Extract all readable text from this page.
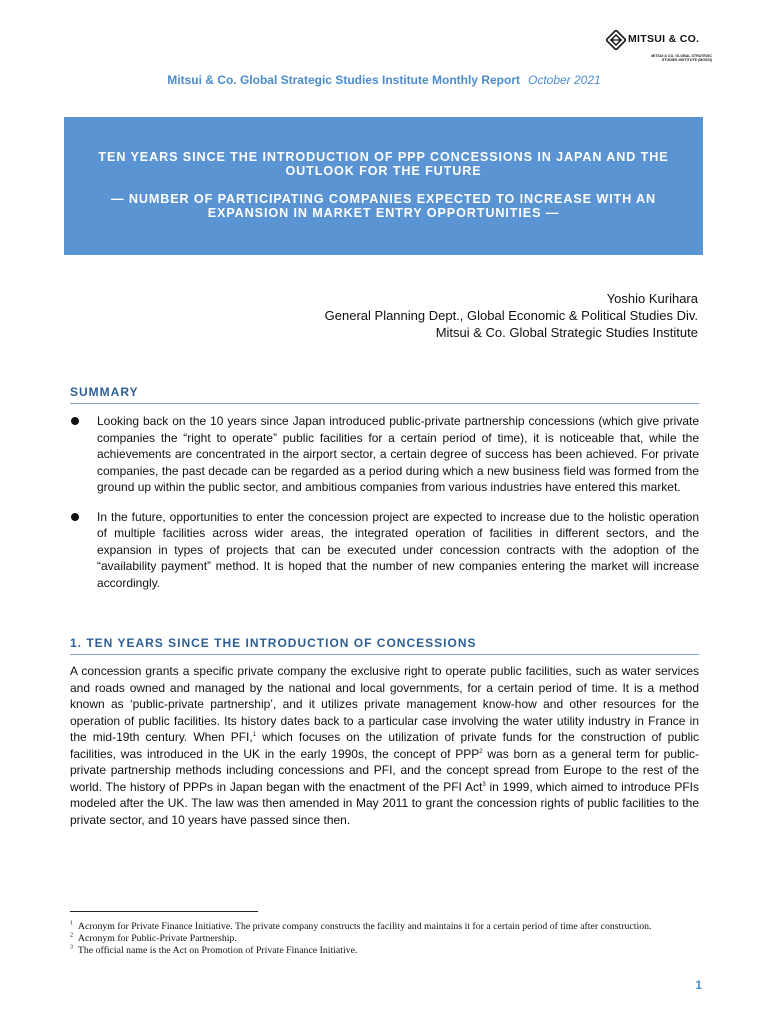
MITSUI & CO.
MITSUI & CO. GLOBAL STRATEGIC STUDIES INSTITUTE (MGSSI)
Mitsui & Co. Global Strategic Studies Institute Monthly Report October 2021
TEN YEARS SINCE THE INTRODUCTION OF PPP CONCESSIONS IN JAPAN AND THE OUTLOOK FOR THE FUTURE
— NUMBER OF PARTICIPATING COMPANIES EXPECTED TO INCREASE WITH AN EXPANSION IN MARKET ENTRY OPPORTUNITIES —
Yoshio Kurihara
General Planning Dept., Global Economic & Political Studies Div.
Mitsui & Co. Global Strategic Studies Institute
SUMMARY
Looking back on the 10 years since Japan introduced public-private partnership concessions (which give private companies the “right to operate” public facilities for a certain period of time), it is noticeable that, while the achievements are concentrated in the airport sector, a certain degree of success has been achieved. For private companies, the past decade can be regarded as a period during which a new business field was formed from the ground up within the public sector, and ambitious companies from various industries have entered this market.
In the future, opportunities to enter the concession project are expected to increase due to the holistic operation of multiple facilities across wider areas, the integrated operation of facilities in different sectors, and the expansion in types of projects that can be executed under concession contracts with the adoption of the “availability payment” method. It is hoped that the number of new companies entering the market will increase accordingly.
1. TEN YEARS SINCE THE INTRODUCTION OF CONCESSIONS
A concession grants a specific private company the exclusive right to operate public facilities, such as water services and roads owned and managed by the national and local governments, for a certain period of time. It is a method known as ‘public-private partnership’, and it utilizes private management know-how and other resources for the operation of public facilities. Its history dates back to a particular case involving the water utility industry in France in the mid-19th century. When PFI,$^1$ which focuses on the utilization of private funds for the construction of public facilities, was introduced in the UK in the early 1990s, the concept of PPP$^2$ was born as a general term for public-private partnership methods including concessions and PFI, and the concept spread from Europe to the rest of the world. The history of PPPs in Japan began with the enactment of the PFI Act$^3$ in 1999, which aimed to introduce PFIs modeled after the UK. The law was then amended in May 2011 to grant the concession rights of public facilities to the private sector, and 10 years have passed since then.
$^1$ Acronym for Private Finance Initiative. The private company constructs the facility and maintains it for a certain period of time after construction.
$^2$ Acronym for Public-Private Partnership.
$^3$ The official name is the Act on Promotion of Private Finance Initiative.
1
